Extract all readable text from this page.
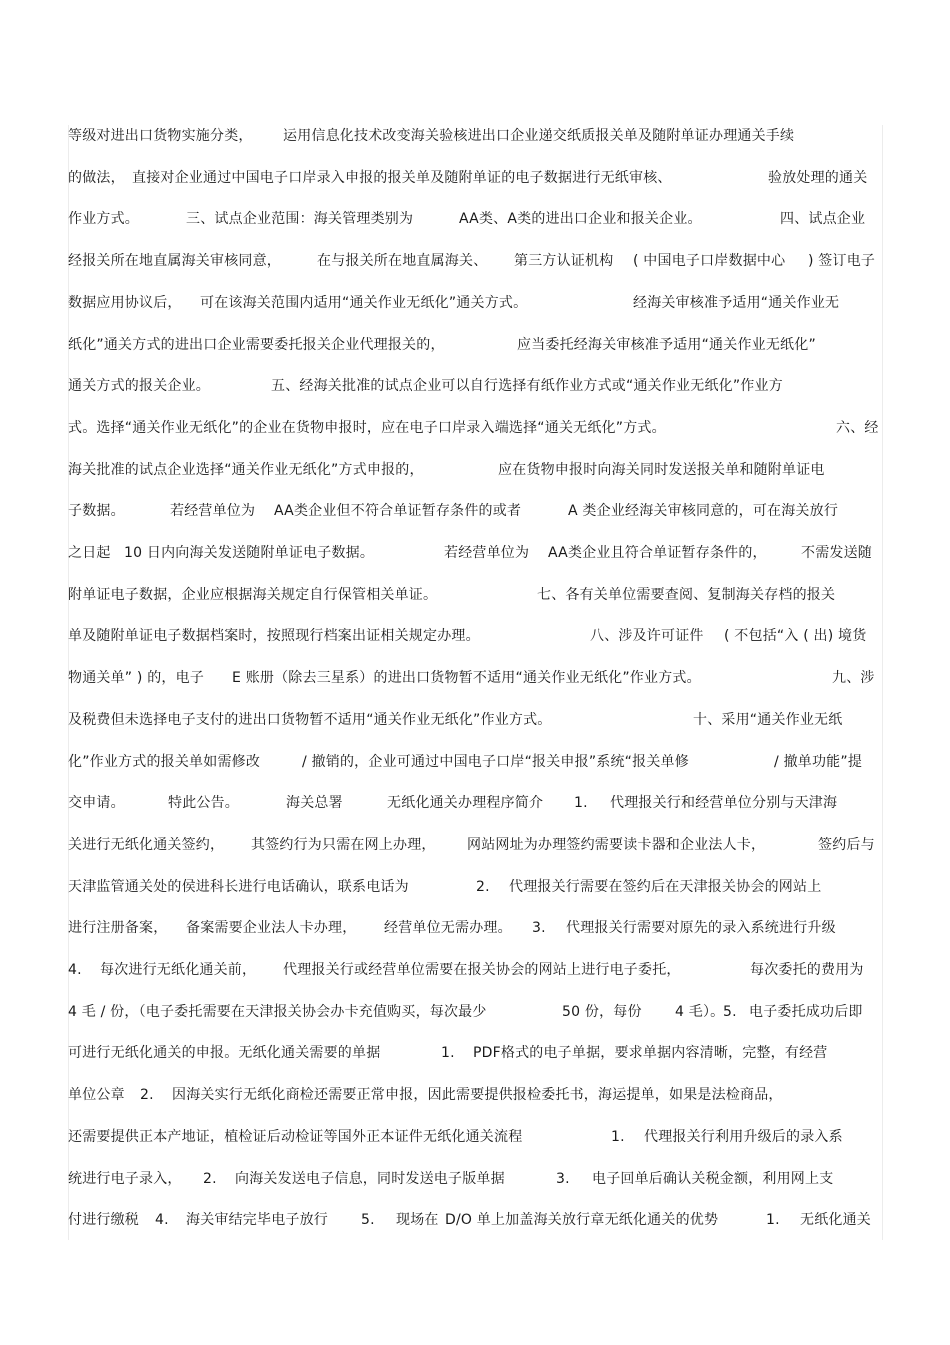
等级对进出口货物实施分类， 运用信息化技术改变海关验核进出口企业递交纸质报关单及随附单证办理通关手续
的做法， 直接对企业通过中国电子口岸录入申报的报关单及随附单证的电子数据进行无纸审核、	验放处理的通关
作业方式。	三、试点企业范围：海关管理类别为	AA类、A类的进出口企业和报关企业。	四、试点企业
经报关所在地直属海关审核同意，	在与报关所在地直属海关、 第三方认证机构 ( 中国电子口岸数据中心 ) 签订电子
数据应用协议后， 可在该海关范围内适用“通关作业无纸化”通关方式。	经海关审核准予适用“通关作业无
纸化”通关方式的进出口企业需要委托报关企业代理报关的，	应当委托经海关审核准予适用“通关作业无纸化”
通关方式的报关企业。	五、经海关批准的试点企业可以自行选择有纸作业方式或“通关作业无纸化”作业方
式。选择“通关作业无纸化”的企业在货物申报时，应在电子口岸录入端选择“通关无纸化”方式。	六、经
海关批准的试点企业选择“通关作业无纸化”方式申报的，	应在货物申报时向海关同时发送报关单和随附单证电
子数据。	若经营单位为 AA类企业但不符合单证暂存条件的或者	A 类企业经海关审核同意的，可在海关放行
之日起 10 日内向海关发送随附单证电子数据。	若经营单位为 AA类企业且符合单证暂存条件的， 不需发送随
附单证电子数据，企业应根据海关规定自行保管相关单证。	七、各有关单位需要查阅、复制海关存档的报关
单及随附单证电子数据档案时，按照现行档案出证相关规定办理。	八、涉及许可证件 ( 不包括“入 ( 出) 境货
物通关单” ) 的，电子 E 账册（除去三星系）的进出口货物暂不适用“通关作业无纸化”作业方式。	九、涉
及税费但未选择电子支付的进出口货物暂不适用“通关作业无纸化”作业方式。	十、采用“通关作业无纸
化”作业方式的报关单如需修改	/ 撤销的，企业可通过中国电子口岸“报关申报”系统“报关单修	/ 撤单功能”提
交申请。	特此公告。	海关总署	无纸化通关办理程序简介 1. 代理报关行和经营单位分别与天津海
关进行无纸化通关签约， 其签约行为只需在网上办理， 网站网址为办理签约需要读卡器和企业法人卡，	签约后与
天津监管通关处的侯进科长进行电话确认，联系电话为	2. 代理报关行需要在签约后在天津报关协会的网站上
进行注册备案， 备案需要企业法人卡办理， 经营单位无需办理。 3. 代理报关行需要对原先的录入系统进行升级
4. 每次进行无纸化通关前， 代理报关行或经营单位需要在报关协会的网站上进行电子委托，	每次委托的费用为
4 毛 / 份，（电子委托需要在天津报关协会办卡充值购买，每次最少	50 份，每份 4 毛）。
5. 电子委托成功后即
可进行无纸化通关的申报。无纸化通关需要的单据	1. PDF格式的电子单据，要求单据内容清晰，完整，有经营
单位公章 2. 因海关实行无纸化商检还需要正常申报，因此需要提供报检委托书，海运提单，如果是法检商品，
还需要提供正本产地证，植检证后动检证等国外正本证件无纸化通关流程	1. 代理报关行利用升级后的录入系
统进行电子录入， 2. 向海关发送电子信息，同时发送电子版单据	3. 电子回单后确认关税金额，利用网上支
付进行缴税 4. 海关审结完毕电子放行 5. 现场在 D/O 单上加盖海关放行章无纸化通关的优势	1. 无纸化通关
